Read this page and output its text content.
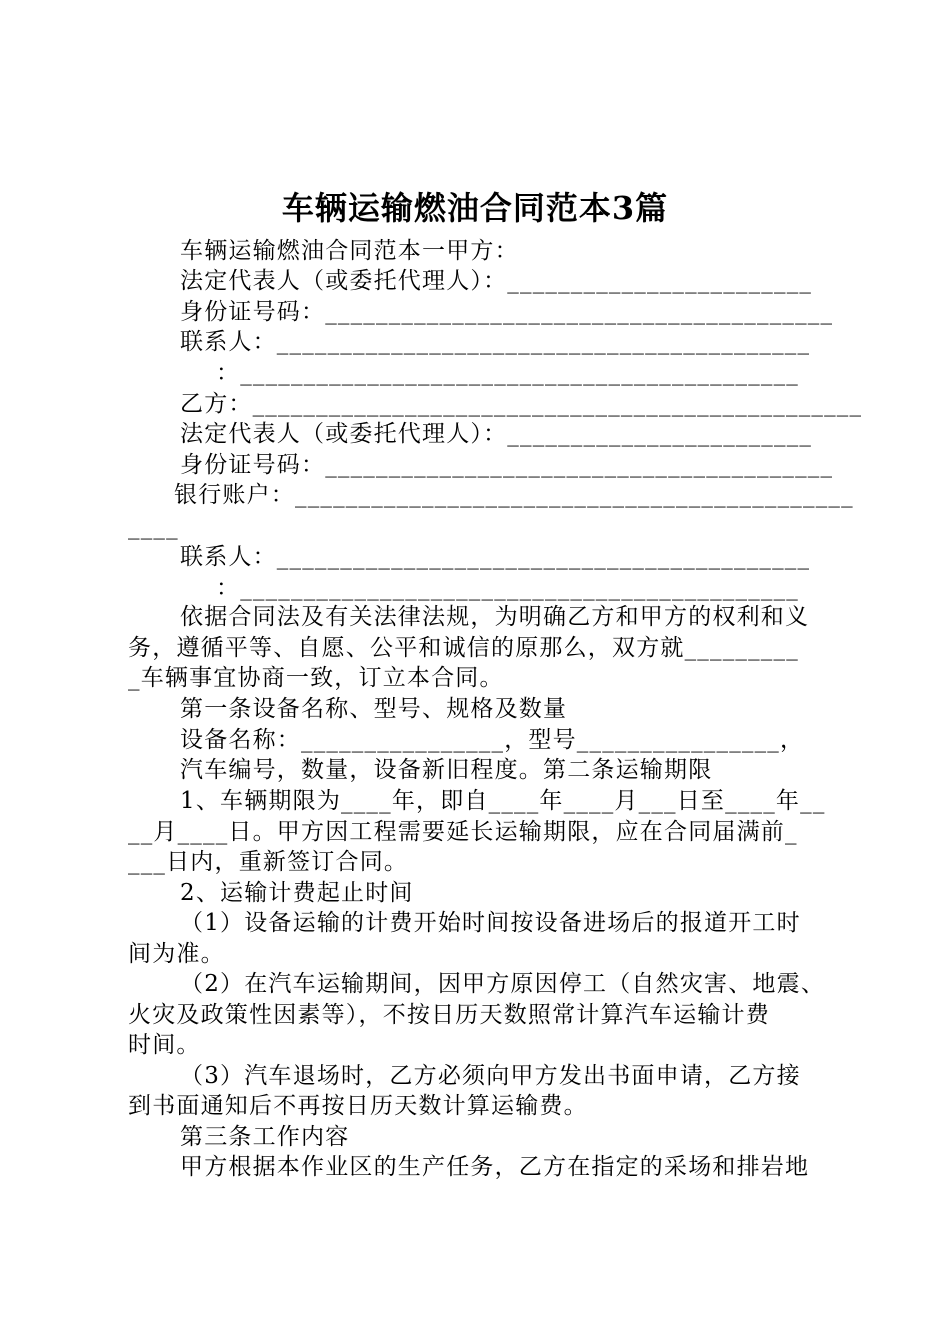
车辆运输燃油合同范本3篇
车辆运输燃油合同范本一甲方：
法定代表人（或委托代理人）：________________________
身份证号码：________________________________________
联系人：__________________________________________
：____________________________________________
乙方：________________________________________________
法定代表人（或委托代理人）：________________________
身份证号码：________________________________________
银行账户：____________________________________________
____
联系人：__________________________________________
：____________________________________________
依据合同法及有关法律法规，为明确乙方和甲方的权利和义
务，遵循平等、自愿、公平和诚信的原那么，双方就_________
_车辆事宜协商一致，订立本合同。
第一条设备名称、型号、规格及数量
设备名称：________________，型号________________，
汽车编号，数量，设备新旧程度。第二条运输期限
1、车辆期限为____年，即自____年____月___日至____年__
__月____日。甲方因工程需要延长运输期限，应在合同届满前_
___日内，重新签订合同。
2、运输计费起止时间
（1）设备运输的计费开始时间按设备进场后的报道开工时
间为准。
（2）在汽车运输期间，因甲方原因停工（自然灾害、地震、
火灾及政策性因素等），不按日历天数照常计算汽车运输计费
时间。
（3）汽车退场时，乙方必须向甲方发出书面申请，乙方接
到书面通知后不再按日历天数计算运输费。
第三条工作内容
甲方根据本作业区的生产任务，乙方在指定的采场和排岩地
